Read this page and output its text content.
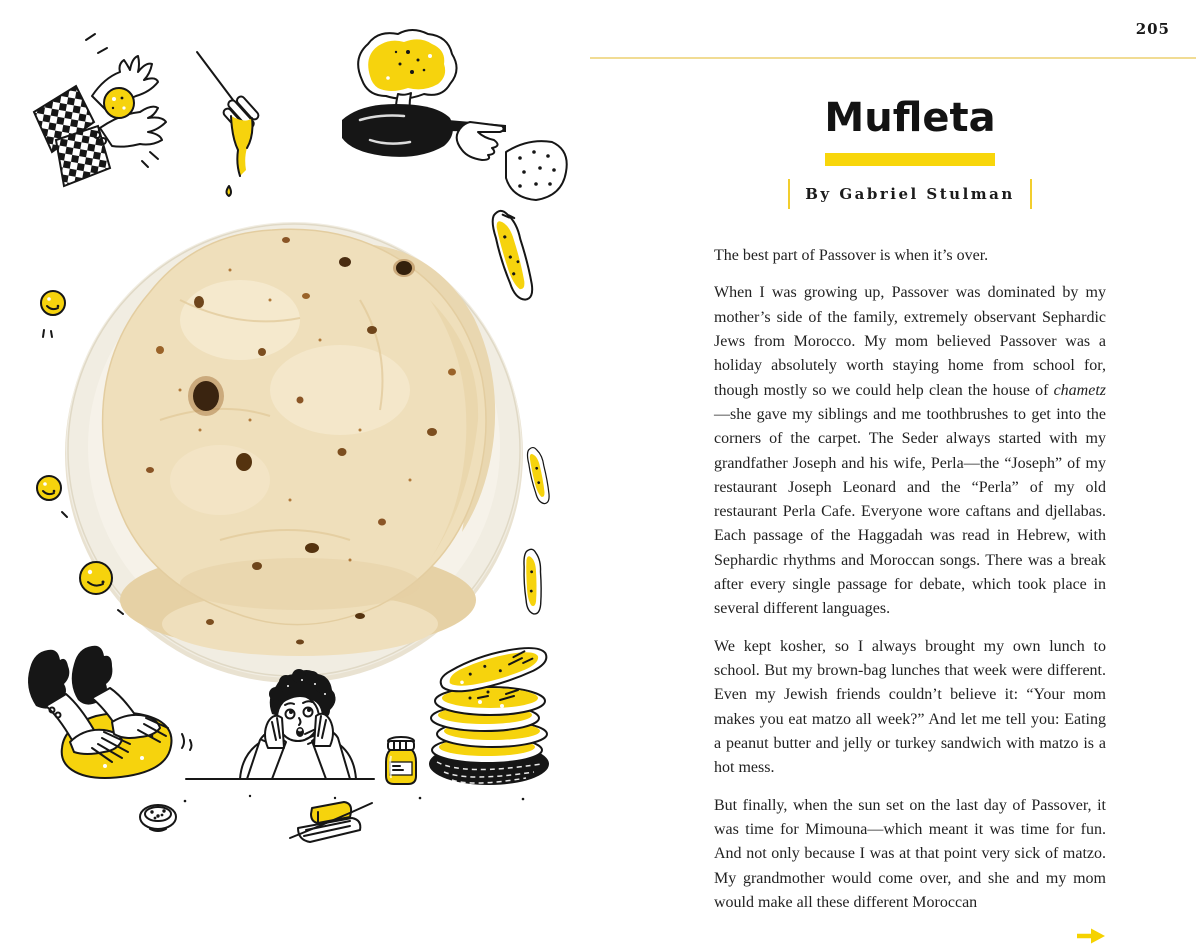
205
Mufleta
By Gabriel Stulman

The best part of Passover is when it’s over.

When I was growing up, Passover was dominated by my mother’s side of the family, extremely observant Sephardic Jews from Morocco. My mom believed Passover was a holiday absolutely worth staying home from school for, though mostly so we could help clean the house of chametz—she gave my siblings and me toothbrushes to get into the corners of the carpet. The Seder always started with my grandfather Joseph and his wife, Perla—the “Joseph” of my restaurant Joseph Leonard and the “Perla” of my old restaurant Perla Cafe. Everyone wore caftans and djellabas. Each passage of the Haggadah was read in Hebrew, with Sephardic rhythms and Moroccan songs. There was a break after every single passage for debate, which took place in several different languages.

We kept kosher, so I always brought my own lunch to school. But my brown-bag lunches that week were different. Even my Jewish friends couldn’t believe it: “Your mom makes you eat matzo all week?” And let me tell you: Eating a peanut butter and jelly or turkey sandwich with matzo is a hot mess.

But finally, when the sun set on the last day of Passover, it was time for Mimouna—which meant it was time for fun. And not only because I was at that point very sick of matzo. My grandmother would come over, and she and my mom would make all these different Moroccan
